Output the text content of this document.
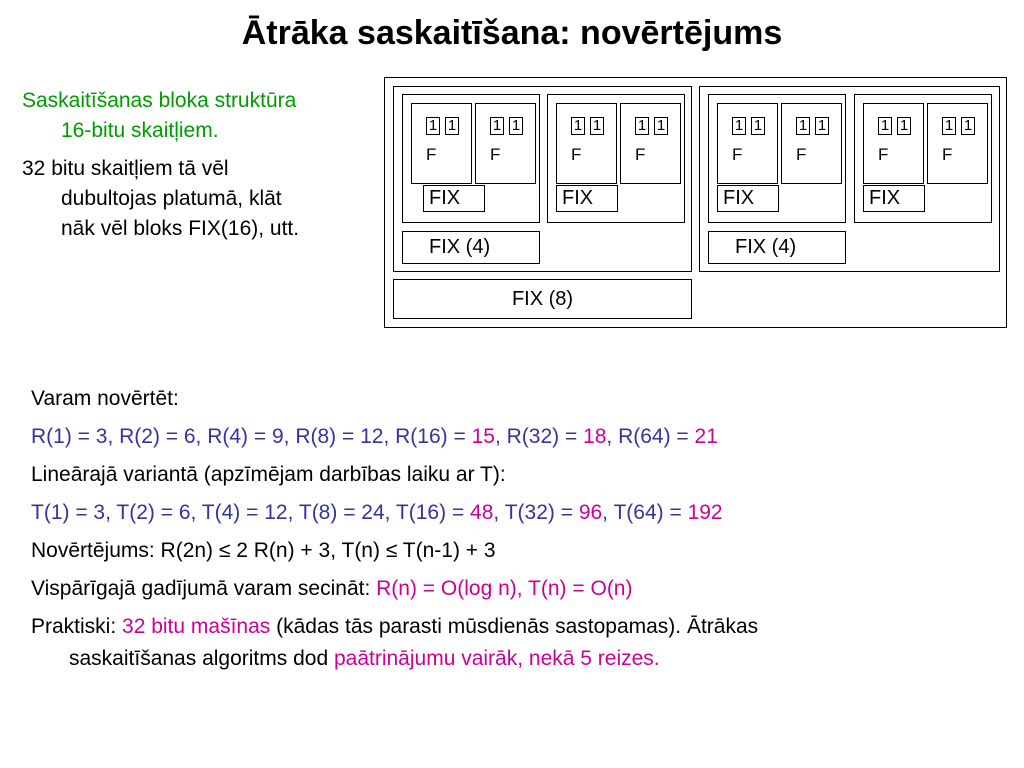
Ātrāka saskaitīšana: novērtējums
Saskaitīšanas bloka struktūra
16-bitu skaitļiem.
32 bitu skaitļiem tā vēl
dubultojas platumā, klāt
nāk vēl bloks FIX(16), utt.
1 1
F
1 1
F
FIX
1 1
F
1 1
F
FIX
FIX (4)
1 1
F
1 1
F
FIX
1 1
F
1 1
F
FIX
FIX (4)
FIX (8)
Varam novērtēt:
R(1) = 3, R(2) = 6, R(4) = 9, R(8) = 12, R(16) = 15, R(32) = 18, R(64) = 21
Lineārajā variantā (apzīmējam darbības laiku ar T):
T(1) = 3, T(2) = 6, T(4) = 12, T(8) = 24, T(16) = 48, T(32) = 96, T(64) = 192
Novērtējums: R(2n) ≤ 2 R(n) + 3, T(n) ≤ T(n-1) + 3
Vispārīgajā gadījumā varam secināt: R(n) = O(log n), T(n) = O(n)
Praktiski: 32 bitu mašīnas (kādas tās parasti mūsdienās sastopamas). Ātrākas
saskaitīšanas algoritms dod paātrinājumu vairāk, nekā 5 reizes.
